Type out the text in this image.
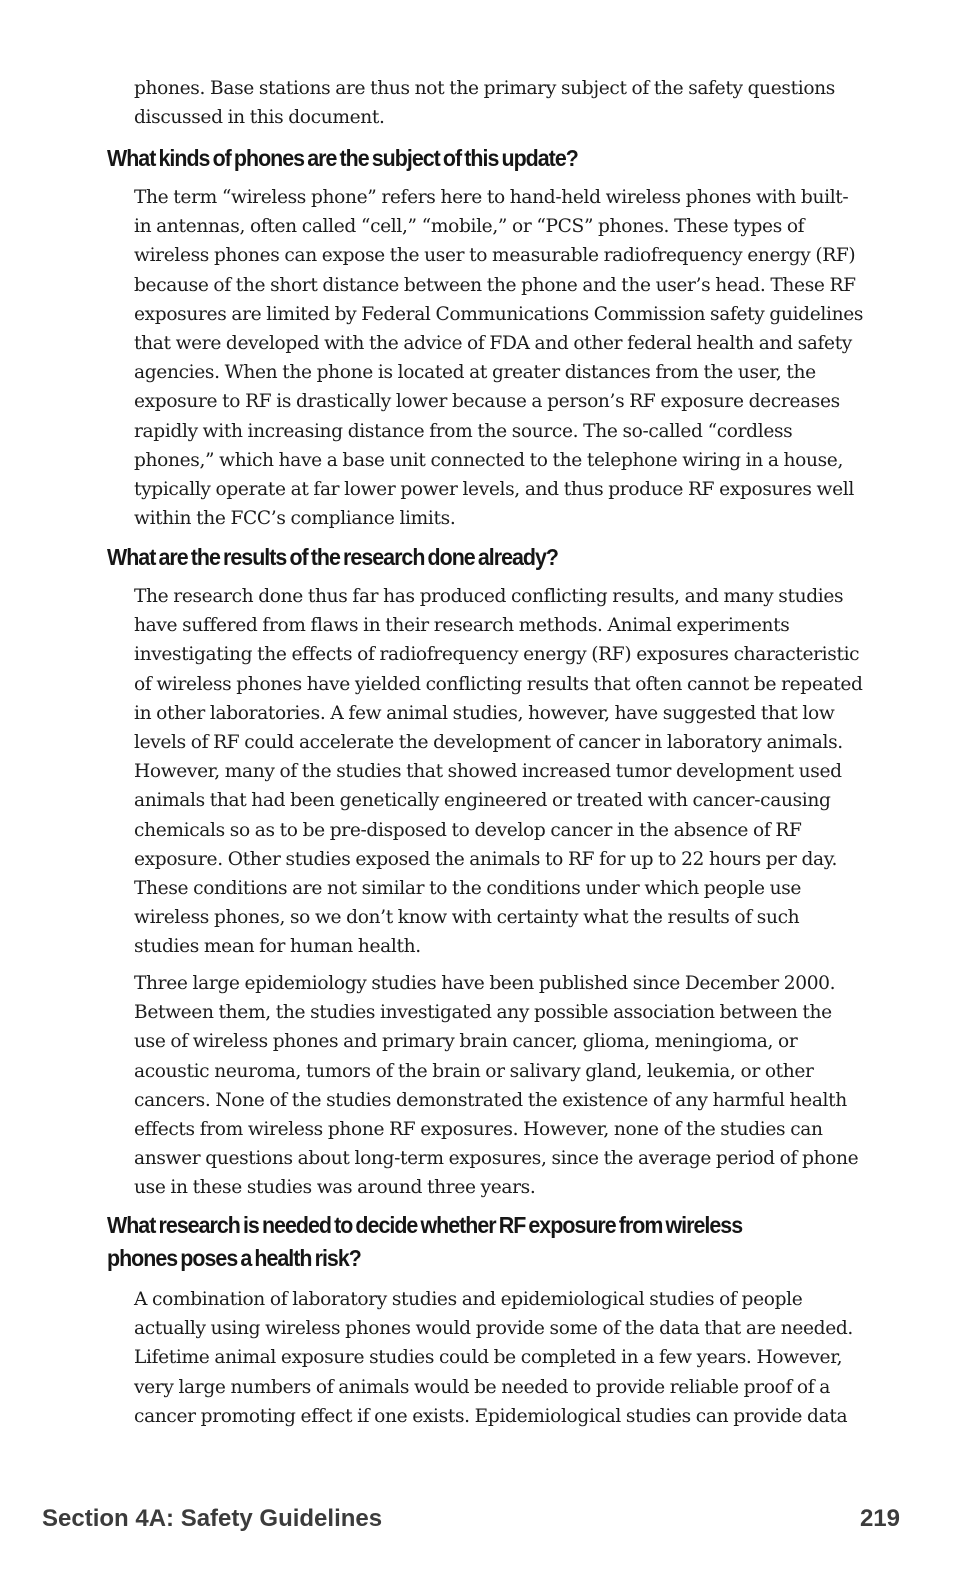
phones. Base stations are thus not the primary subject of the safety questions discussed in this document.

What kinds of phones are the subject of this update?

The term “wireless phone” refers here to hand-held wireless phones with built-in antennas, often called “cell,” “mobile,” or “PCS” phones. These types of wireless phones can expose the user to measurable radiofrequency energy (RF) because of the short distance between the phone and the user’s head. These RF exposures are limited by Federal Communications Commission safety guidelines that were developed with the advice of FDA and other federal health and safety agencies. When the phone is located at greater distances from the user, the exposure to RF is drastically lower because a person’s RF exposure decreases rapidly with increasing distance from the source. The so-called “cordless phones,” which have a base unit connected to the telephone wiring in a house, typically operate at far lower power levels, and thus produce RF exposures well within the FCC’s compliance limits.

What are the results of the research done already?

The research done thus far has produced conflicting results, and many studies have suffered from flaws in their research methods. Animal experiments investigating the effects of radiofrequency energy (RF) exposures characteristic of wireless phones have yielded conflicting results that often cannot be repeated in other laboratories. A few animal studies, however, have suggested that low levels of RF could accelerate the development of cancer in laboratory animals. However, many of the studies that showed increased tumor development used animals that had been genetically engineered or treated with cancer-causing chemicals so as to be pre-disposed to develop cancer in the absence of RF exposure. Other studies exposed the animals to RF for up to 22 hours per day. These conditions are not similar to the conditions under which people use wireless phones, so we don’t know with certainty what the results of such studies mean for human health.

Three large epidemiology studies have been published since December 2000. Between them, the studies investigated any possible association between the use of wireless phones and primary brain cancer, glioma, meningioma, or acoustic neuroma, tumors of the brain or salivary gland, leukemia, or other cancers. None of the studies demonstrated the existence of any harmful health effects from wireless phone RF exposures. However, none of the studies can answer questions about long-term exposures, since the average period of phone use in these studies was around three years.

What research is needed to decide whether RF exposure from wireless phones poses a health risk?

A combination of laboratory studies and epidemiological studies of people actually using wireless phones would provide some of the data that are needed. Lifetime animal exposure studies could be completed in a few years. However, very large numbers of animals would be needed to provide reliable proof of a cancer promoting effect if one exists. Epidemiological studies can provide data

Section 4A: Safety Guidelines	219
